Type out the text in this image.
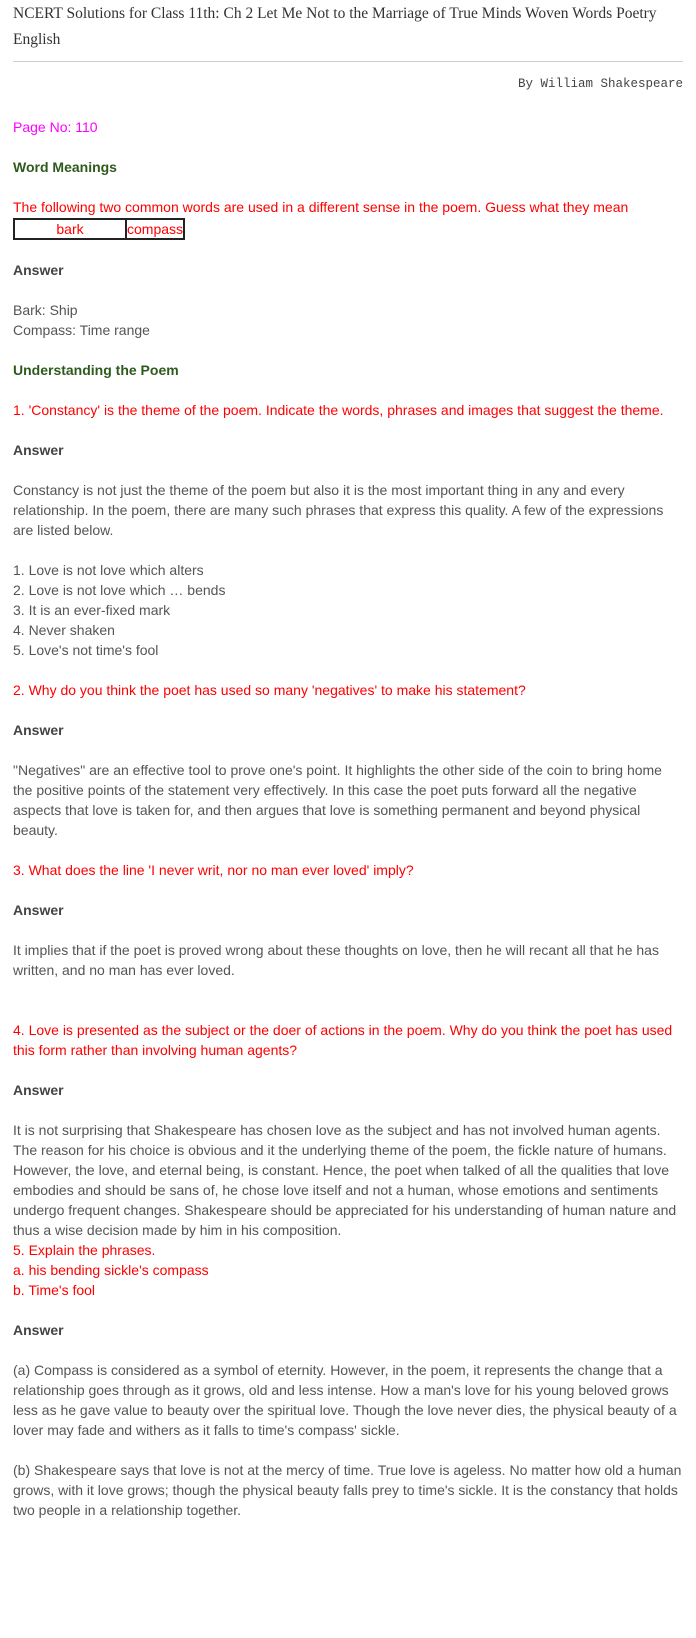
NCERT Solutions for Class 11th: Ch 2 Let Me Not to the Marriage of True Minds Woven Words Poetry English
By William Shakespeare

Page No: 110

Word Meanings

The following two common words are used in a different sense in the poem. Guess what they mean

bark	compass

Answer

Bark: Ship

Compass: Time range

Understanding the Poem

1. 'Constancy' is the theme of the poem. Indicate the words, phrases and images that suggest the theme.

Answer

Constancy is not just the theme of the poem but also it is the most important thing in any and every relationship. In the poem, there are many such phrases that express this quality. A few of the expressions are listed below.

1. Love is not love which alters

2. Love is not love which … bends

3. It is an ever-fixed mark

4. Never shaken

5. Love's not time's fool

2. Why do you think the poet has used so many 'negatives' to make his statement?

Answer

"Negatives" are an effective tool to prove one's point. It highlights the other side of the coin to bring home the positive points of the statement very effectively. In this case the poet puts forward all the negative aspects that love is taken for, and then argues that love is something permanent and beyond physical beauty.

3. What does the line 'I never writ, nor no man ever loved' imply?

Answer

It implies that if the poet is proved wrong about these thoughts on love, then he will recant all that he has written, and no man has ever loved.

4. Love is presented as the subject or the doer of actions in the poem. Why do you think the poet has used this form rather than involving human agents?

Answer

It is not surprising that Shakespeare has chosen love as the subject and has not involved human agents. The reason for his choice is obvious and it the underlying theme of the poem, the fickle nature of humans. However, the love, and eternal being, is constant. Hence, the poet when talked of all the qualities that love embodies and should be sans of, he chose love itself and not a human, whose emotions and sentiments undergo frequent changes. Shakespeare should be appreciated for his understanding of human nature and thus a wise decision made by him in his composition.

5. Explain the phrases.

a. his bending sickle's compass

b. Time's fool

Answer

(a) Compass is considered as a symbol of eternity. However, in the poem, it represents the change that a relationship goes through as it grows, old and less intense. How a man's love for his young beloved grows less as he gave value to beauty over the spiritual love. Though the love never dies, the physical beauty of a lover may fade and withers as it falls to time's compass' sickle.

(b) Shakespeare says that love is not at the mercy of time. True love is ageless. No matter how old a human grows, with it love grows; though the physical beauty falls prey to time's sickle. It is the constancy that holds two people in a relationship together.
